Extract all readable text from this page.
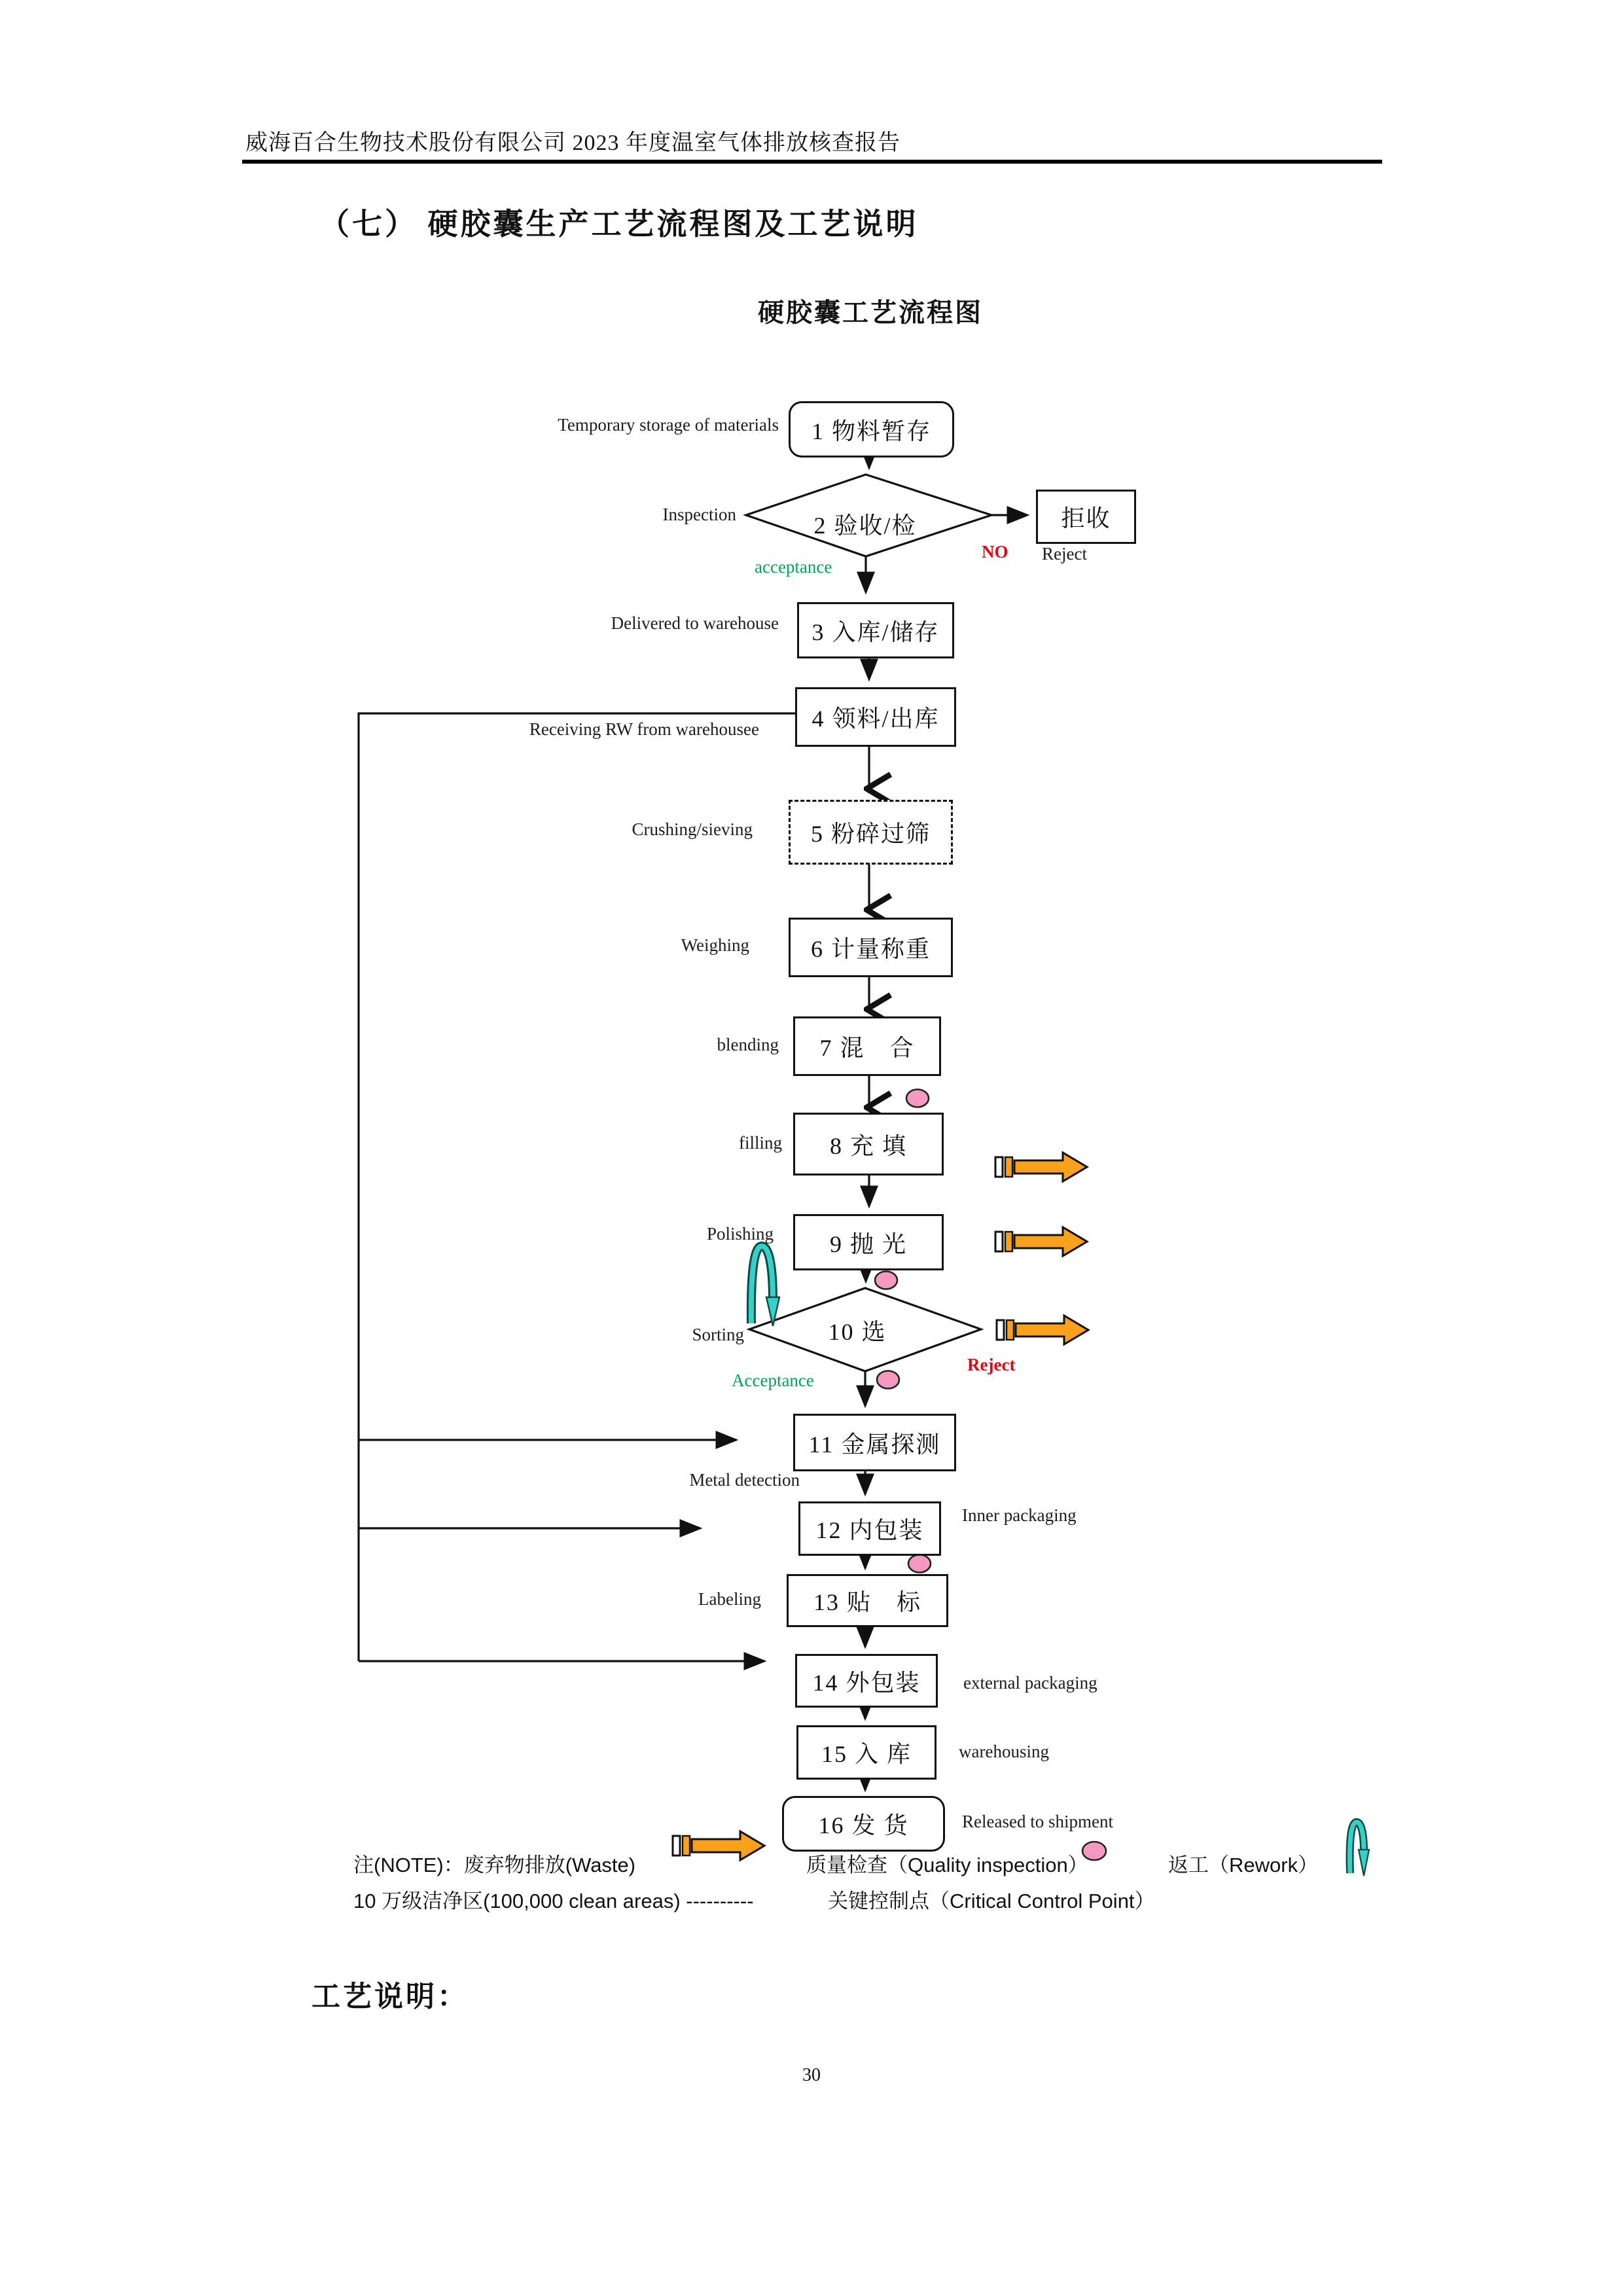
威海百合生物技术股份有限公司 2023 年度温室气体排放核查报告
（七） 硬胶囊生产工艺流程图及工艺说明
硬胶囊工艺流程图
1 物料暂存
2 验收/检	拒收
3 入库/储存
4 领料/出库
5 粉碎过筛
6 计量称重
7 混　合
8 充 填
9 抛 光
10 选
11 金属探测
12 内包装
13 贴　标
14 外包装
15 入 库
16 发 货
Temporary storage of materials
Inspection
Delivered to warehouse
Receiving RW from warehousee
Crushing/sieving
Weighing
blending
filling
Polishing
Sorting
Metal detection
Labeling
Reject
Inner packaging
external packaging
warehousing
Released to shipment
acceptance
NO
Acceptance
Reject
注(NOTE)：废弃物排放(Waste)	质量检查（Quality inspection）	返工（Rework）
10 万级洁净区(100,000 clean areas) ----------	关键控制点（Critical Control Point）
工艺说明：
30
